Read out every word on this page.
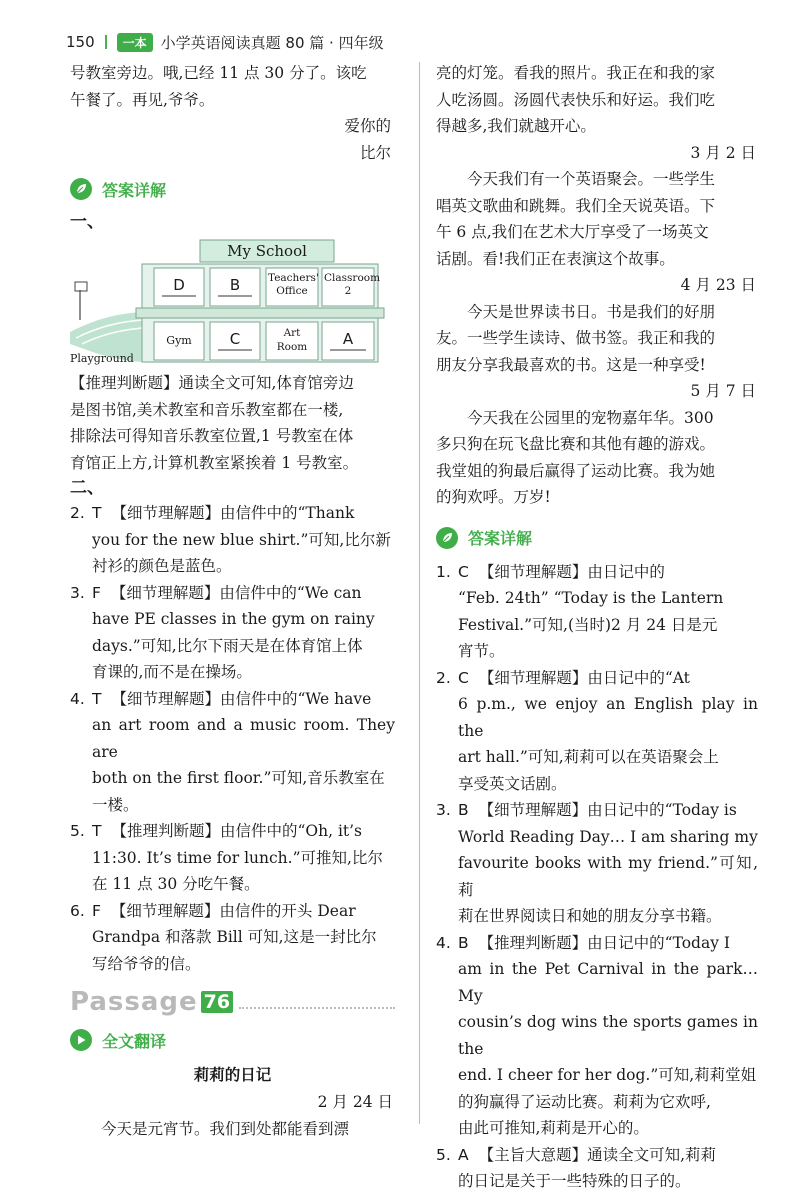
150	一本 小学英语阅读真题 80 篇 · 四年级

号教室旁边。哦,已经 11 点 30 分了。该吃

午餐了。再见,爷爷。

爱你的

比尔

答案详解
一、
My School
Playground
D	B	Teachers' Office
Classroom 2
Gym	C	Art Room	A

【推理判断题】通读全文可知,体育馆旁边

是图书馆,美术教室和音乐教室都在一楼,

排除法可得知音乐教室位置,1 号教室在体

育馆正上方,计算机教室紧挨着 1 号教室。

二、
2. T 【细节理解题】由信件中的“Thank
you for the new blue shirt.”可知,比尔新
衬衫的颜色是蓝色。
3. F 【细节理解题】由信件中的“We can
have PE classes in the gym on rainy
days.”可知,比尔下雨天是在体育馆上体
育课的,而不是在操场。
4. T 【细节理解题】由信件中的“We have
an art room and a music room. They are
both on the first floor.”可知,音乐教室在
一楼。
5. T 【推理判断题】由信件中的“Oh, it’s
11:30. It’s time for lunch.”可推知,比尔
在 11 点 30 分吃午餐。
6. F 【细节理解题】由信件的开头 Dear
Grandpa 和落款 Bill 可知,这是一封比尔
写给爷爷的信。
Passage 76
全文翻译
莉莉的日记

2 月 24 日

今天是元宵节。我们到处都能看到漂

亮的灯笼。看我的照片。我正在和我的家

人吃汤圆。汤圆代表快乐和好运。我们吃

得越多,我们就越开心。

3 月 2 日

今天我们有一个英语聚会。一些学生

唱英文歌曲和跳舞。我们全天说英语。下

午 6 点,我们在艺术大厅享受了一场英文

话剧。看!我们正在表演这个故事。

4 月 23 日

今天是世界读书日。书是我们的好朋

友。一些学生读诗、做书签。我正和我的

朋友分享我最喜欢的书。这是一种享受!

5 月 7 日

今天我在公园里的宠物嘉年华。300

多只狗在玩飞盘比赛和其他有趣的游戏。

我堂姐的狗最后赢得了运动比赛。我为她

的狗欢呼。万岁!

答案详解
1. C 【细节理解题】由日记中的
“Feb. 24th” “Today is the Lantern
Festival.”可知,(当时)2 月 24 日是元
宵节。
2. C 【细节理解题】由日记中的“At
6 p.m., we enjoy an English play in the
art hall.”可知,莉莉可以在英语聚会上
享受英文话剧。
3. B 【细节理解题】由日记中的“Today is
World Reading Day… I am sharing my
favourite books with my friend.”可知,莉
莉在世界阅读日和她的朋友分享书籍。
4. B 【推理判断题】由日记中的“Today I
am in the Pet Carnival in the park…My
cousin’s dog wins the sports games in the
end. I cheer for her dog.”可知,莉莉堂姐
的狗赢得了运动比赛。莉莉为它欢呼,
由此可推知,莉莉是开心的。
5. A 【主旨大意题】通读全文可知,莉莉
的日记是关于一些特殊的日子的。
